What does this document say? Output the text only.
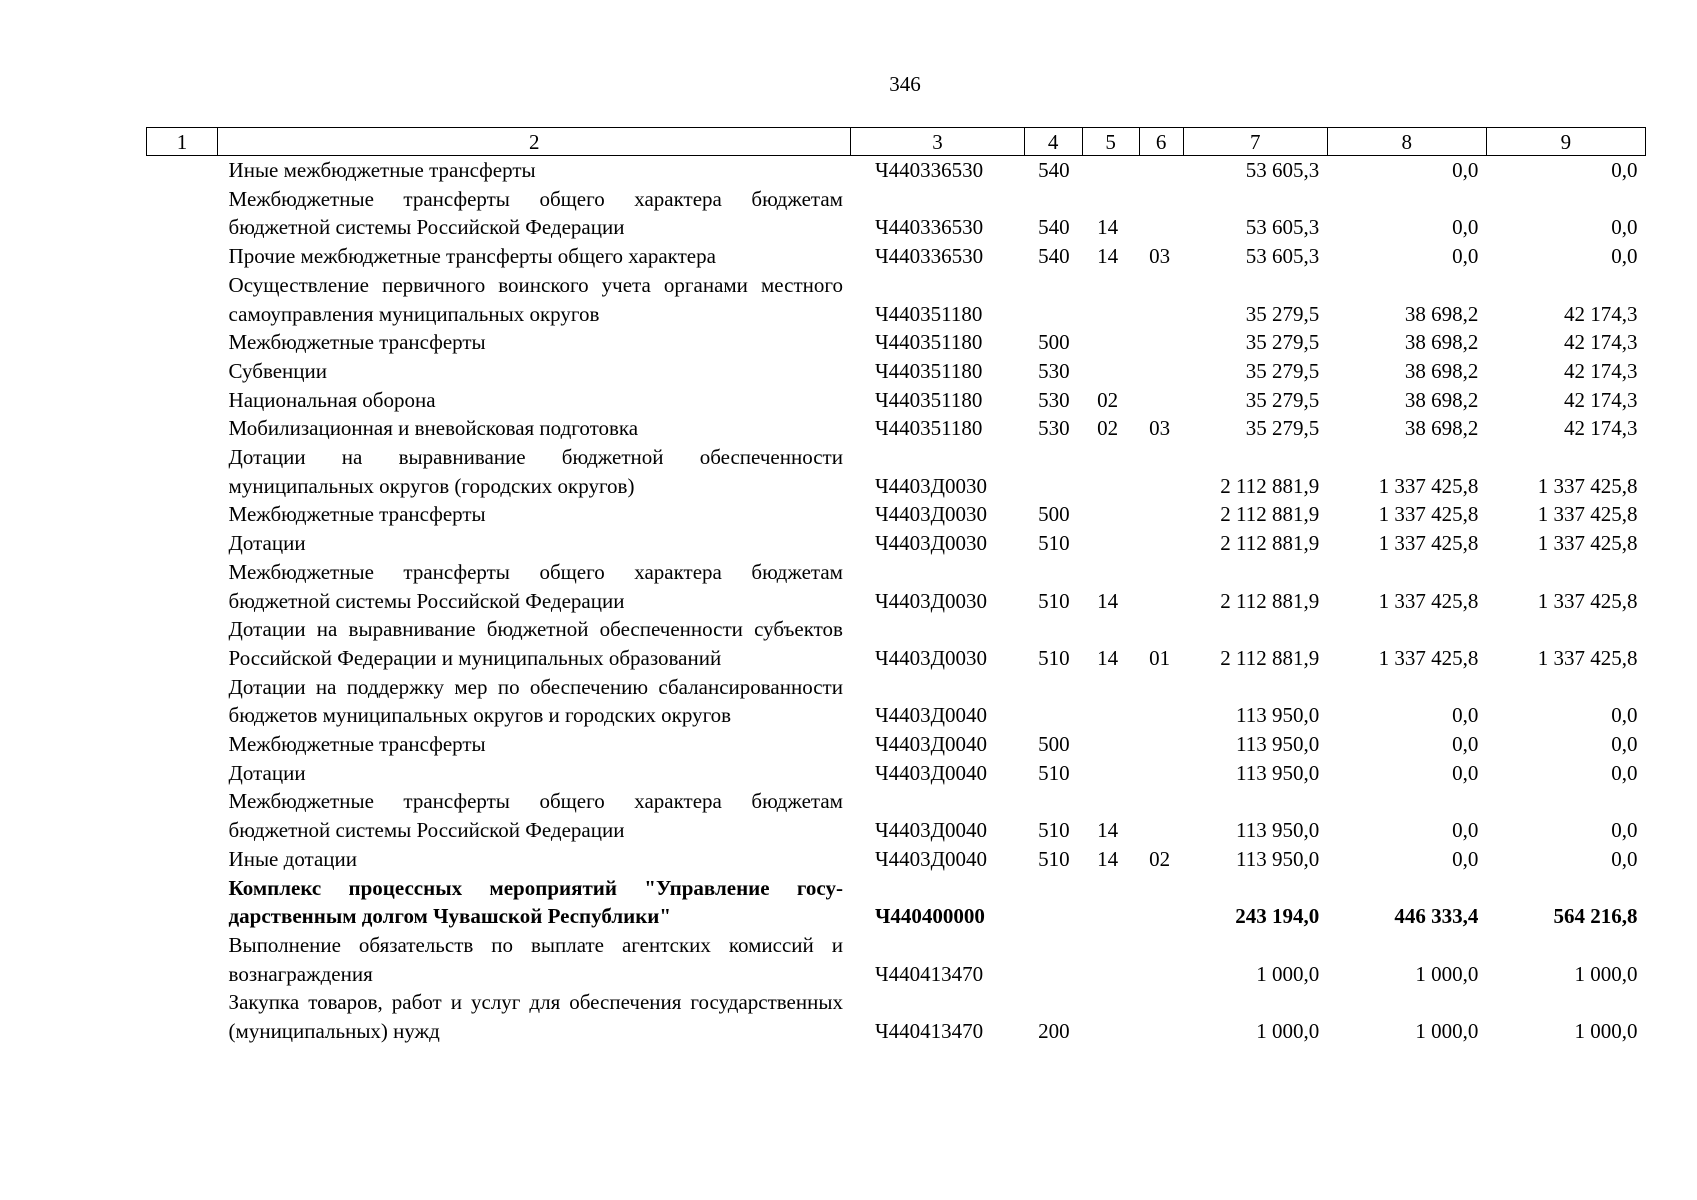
346
1	2	3	4	5	6	7	8	9
	Иные межбюджетные трансферты	Ч440336530	540			53 605,3	0,0	0,0
	Межбюджетные трансферты общего характера бюджетам бюджетной системы Российской Федерации	Ч440336530	540	14		53 605,3	0,0	0,0
	Прочие межбюджетные трансферты общего характера	Ч440336530	540	14	03	53 605,3	0,0	0,0
	Осуществление первичного воинского учета органами местного самоуправления муниципальных округов	Ч440351180				35 279,5	38 698,2	42 174,3
	Межбюджетные трансферты	Ч440351180	500			35 279,5	38 698,2	42 174,3
	Субвенции	Ч440351180	530			35 279,5	38 698,2	42 174,3
	Национальная оборона	Ч440351180	530	02		35 279,5	38 698,2	42 174,3
	Мобилизационная и вневойсковая подготовка	Ч440351180	530	02	03	35 279,5	38 698,2	42 174,3
	Дотации на выравнивание бюджетной обеспеченности муниципальных округов (городских округов)	Ч4403Д0030				2 112 881,9	1 337 425,8	1 337 425,8
	Межбюджетные трансферты	Ч4403Д0030	500			2 112 881,9	1 337 425,8	1 337 425,8
	Дотации	Ч4403Д0030	510			2 112 881,9	1 337 425,8	1 337 425,8
	Межбюджетные трансферты общего характера бюджетам бюджетной системы Российской Федерации	Ч4403Д0030	510	14		2 112 881,9	1 337 425,8	1 337 425,8
	Дотации на выравнивание бюджетной обеспеченности субъектов Российской Федерации и муниципальных образований	Ч4403Д0030	510	14	01	2 112 881,9	1 337 425,8	1 337 425,8
	Дотации на поддержку мер по обеспечению сбалансированности бюджетов муниципальных округов и городских округов	Ч4403Д0040				113 950,0	0,0	0,0
	Межбюджетные трансферты	Ч4403Д0040	500			113 950,0	0,0	0,0
	Дотации	Ч4403Д0040	510			113 950,0	0,0	0,0
	Межбюджетные трансферты общего характера бюджетам бюджетной системы Российской Федерации	Ч4403Д0040	510	14		113 950,0	0,0	0,0
	Иные дотации	Ч4403Д0040	510	14	02	113 950,0	0,0	0,0
	Комплекс процессных мероприятий "Управление государственным долгом Чувашской Республики"	Ч440400000				243 194,0	446 333,4	564 216,8
	Выполнение обязательств по выплате агентских комиссий и вознаграждения	Ч440413470				1 000,0	1 000,0	1 000,0
	Закупка товаров, работ и услуг для обеспечения государственных (муниципальных) нужд	Ч440413470	200			1 000,0	1 000,0	1 000,0
